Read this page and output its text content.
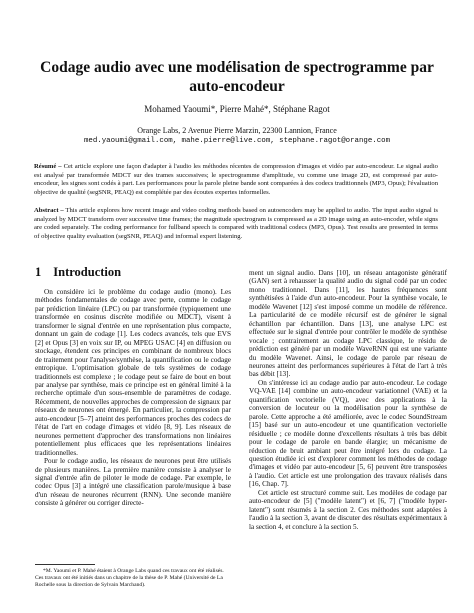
Codage audio avec une modélisation de spectrogramme par
auto-encodeur
Mohamed Yaoumi*, Pierre Mahé*, Stéphane Ragot
Orange Labs, 2 Avenue Pierre Marzin, 22300 Lannion, France
med.yaoumi@gmail.com, mahe.pierre@live.com, stephane.ragot@orange.com
Résumé – Cet article explore une façon d'adapter à l'audio les méthodes récentes de compression d'images et vidéo par auto-encodeur. Le signal audio est analysé par transformée MDCT sur des trames successives; le spectrogramme d'amplitude, vu comme une image 2D, est compressé par auto-encodeur, les signes sont codés à part. Les performances pour la parole pleine bande sont comparées à des codecs traditionnels (MP3, Opus); l'évaluation objective de qualité (segSNR, PEAQ) est complétée par des écoutes expertes informelles.
Abstract – This article explores how recent image and video coding methods based on autoencoders may be applied to audio. The input audio signal is analyzed by MDCT transform over successive time frames; the magnitude spectrogram is compressed as a 2D image using an auto-encoder, while signs are coded separately. The coding performance for fullband speech is compared with traditional codecs (MP3, Opus). Test results are presented in terms of objective quality evaluation (segSNR, PEAQ) and informal expert listening.
1 Introduction

On considère ici le problème du codage audio (mono). Les méthodes fondamentales de codage avec perte, comme le codage par prédiction linéaire (LPC) ou par transformée (typiquement une transformée en cosinus discrète modifiée ou MDCT), visent à transformer le signal d'entrée en une représentation plus compacte, donnant un gain de codage [1]. Les codecs avancés, tels que EVS [2] et Opus [3] en voix sur IP, ou MPEG USAC [4] en diffusion ou stockage, étendent ces principes en combinant de nombreux blocs de traitement pour l'analyse/synthèse, la quantification ou le codage entropique. L'optimisation globale de tels systèmes de codage traditionnels est complexe ; le codage peut se faire de bout en bout par analyse par synthèse, mais ce principe est en général limité à la recherche optimale d'un sous-ensemble de paramètres de codage. Récemment, de nouvelles approches de compression de signaux par réseaux de neurones ont émergé. En particulier, la compression par auto-encodeur [5–7] atteint des performances proches des codecs de l'état de l'art en codage d'images et vidéo [8, 9]. Les réseaux de neurones permettent d'approcher des transformations non linéaires potentiellement plus efficaces que les représentations linéaires traditionnelles.

Pour le codage audio, les réseaux de neurones peut être utilisés de plusieurs manières. La première manière consiste à analyser le signal d'entrée afin de piloter le mode de codage. Par exemple, le codec Opus [3] a intégré une classification parole/musique à base d'un réseau de neurones récurrent (RNN). Une seconde manière consiste à générer ou corriger directe-

ment un signal audio. Dans [10], un réseau antagoniste génératif (GAN) sert à rehausser la qualité audio du signal codé par un codec mono traditionnel. Dans [11], les hautes fréquences sont synthétisées à l'aide d'un auto-encodeur. Pour la synthèse vocale, le modèle Wavenet [12] s'est imposé comme un modèle de référence. La particularité de ce modèle récursif est de générer le signal échantillon par échantillon. Dans [13], une analyse LPC est effectuée sur le signal d'entrée pour contrôler le modèle de synthèse vocale ; contrairement au codage LPC classique, le résidu de prédiction est généré par un modèle WaveRNN qui est une variante du modèle Wavenet. Ainsi, le codage de parole par réseau de neurones atteint des performances supérieures à l'état de l'art à très bas débit [13].

On s'intéresse ici au codage audio par auto-encodeur. Le codage VQ-VAE [14] combine un auto-encodeur variationnel (VAE) et la quantification vectorielle (VQ), avec des applications à la conversion de locuteur ou la modélisation pour la synthèse de parole. Cette approche a été améliorée, avec le codec SoundStream [15] basé sur un auto-encodeur et une quantification vectorielle résiduelle ; ce modèle donne d'excellents résultats à très bas débit pour le codage de parole en bande élargie; un mécanisme de réduction de bruit ambiant peut être intégré lors du codage. La question étudiée ici est d'explorer comment les méthodes de codage d'images et vidéo par auto-encodeur [5, 6] peuvent être transposées à l'audio. Cet article est une prolongation des travaux réalisés dans [16, Chap. 7].

Cet article est structuré comme suit. Les modèles de codage par auto-encodeur de [5] ("modèle latent") et [6, 7] ("modèle hyper-latent") sont résumés à la section 2. Ces méthodes sont adaptées à l'audio à la section 3, avant de discuter des résultats expérimentaux à la section 4, et conclure à la section 5.

*M. Yaoumi et P. Mahé étaient à Orange Labs quand ces travaux ont été réalisés. Ces travaux ont été initiés dans un chapitre de la thèse de P. Mahé (Université de La Rochelle sous la direction de Sylvain Marchand).
